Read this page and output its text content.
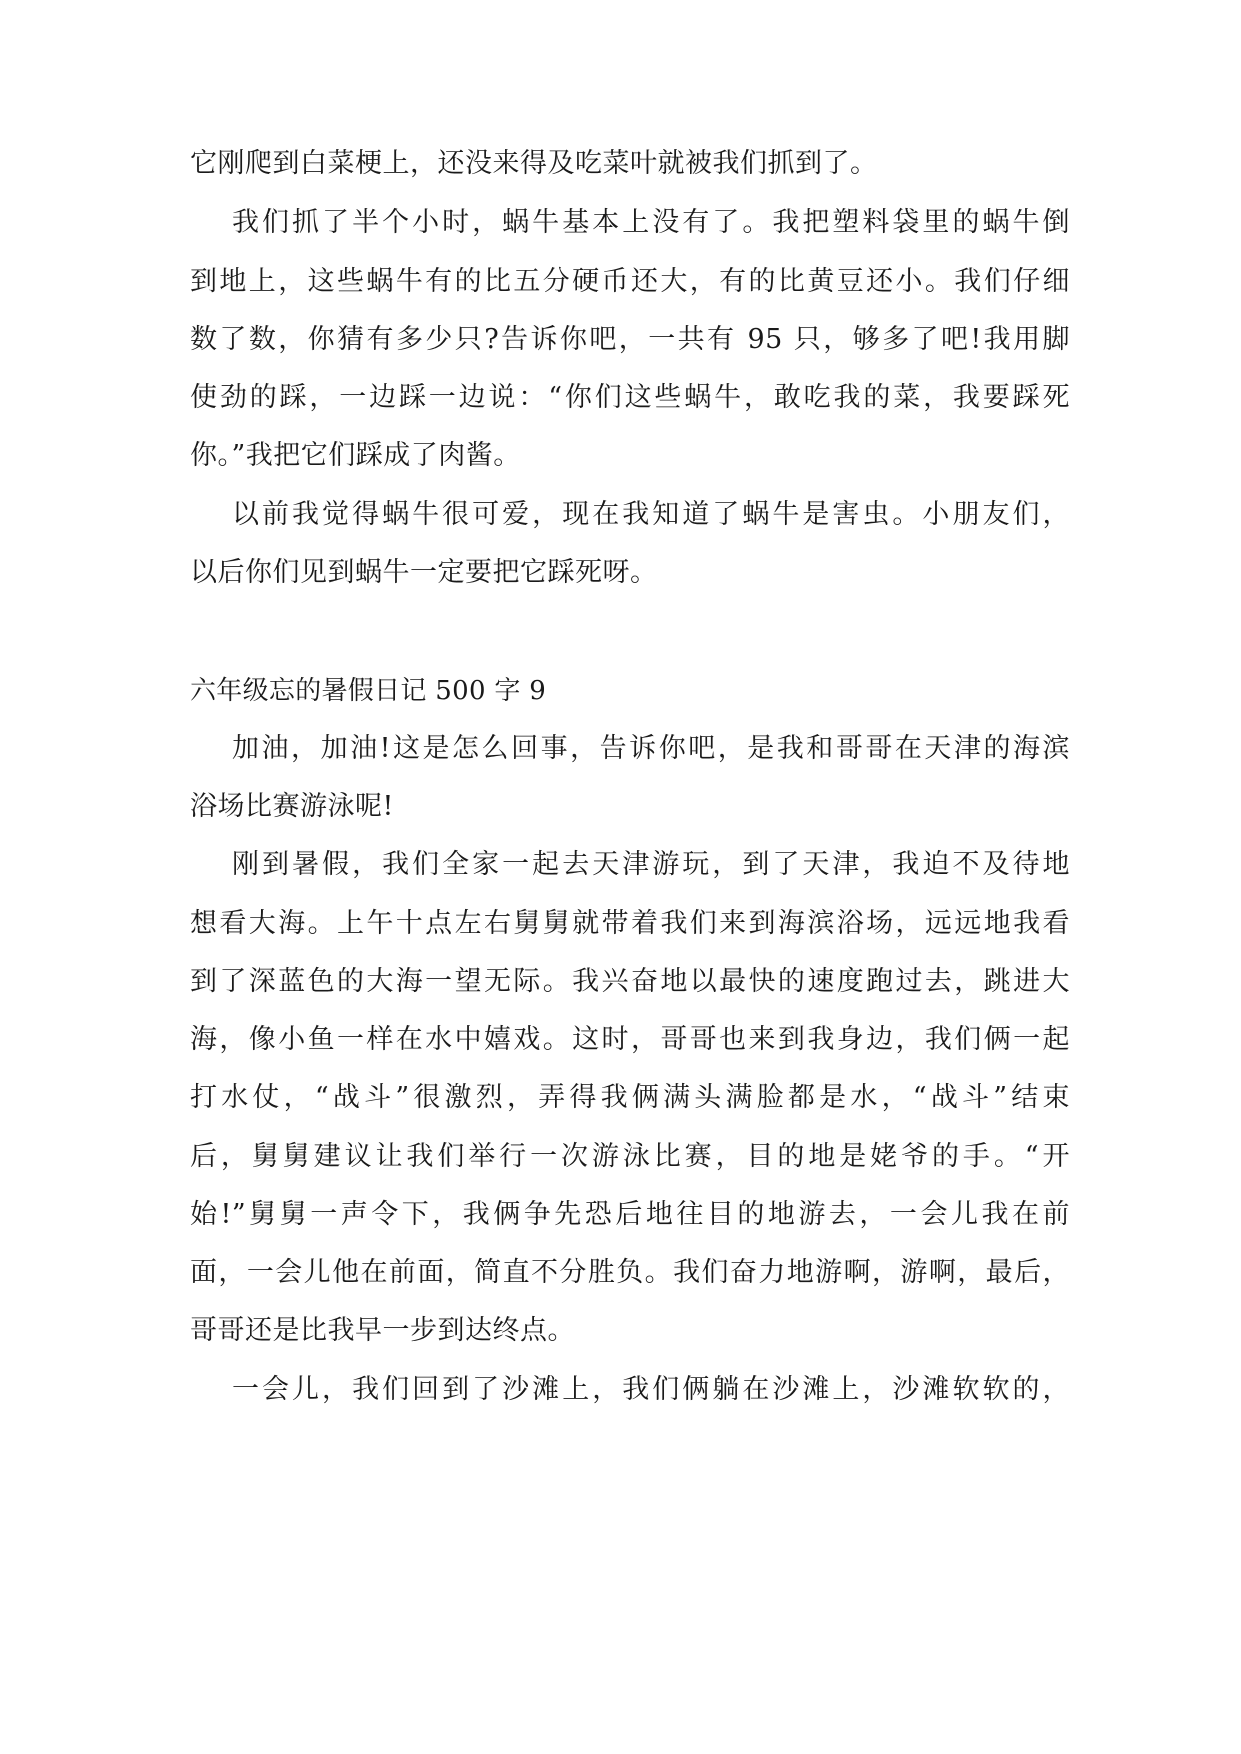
它刚爬到白菜梗上，还没来得及吃菜叶就被我们抓到了。
我们抓了半个小时，蜗牛基本上没有了。我把塑料袋里的蜗牛倒
到地上，这些蜗牛有的比五分硬币还大，有的比黄豆还小。我们仔细
数了数，你猜有多少只?告诉你吧，一共有 95 只，够多了吧!我用脚
使劲的踩，一边踩一边说：“你们这些蜗牛，敢吃我的菜，我要踩死
你。”我把它们踩成了肉酱。
以前我觉得蜗牛很可爱，现在我知道了蜗牛是害虫。小朋友们，
以后你们见到蜗牛一定要把它踩死呀。
六年级忘的暑假日记 500 字 9
加油，加油!这是怎么回事，告诉你吧，是我和哥哥在天津的海滨
浴场比赛游泳呢!
刚到暑假，我们全家一起去天津游玩，到了天津，我迫不及待地
想看大海。上午十点左右舅舅就带着我们来到海滨浴场，远远地我看
到了深蓝色的大海一望无际。我兴奋地以最快的速度跑过去，跳进大
海，像小鱼一样在水中嬉戏。这时，哥哥也来到我身边，我们俩一起
打水仗，“战斗”很激烈，弄得我俩满头满脸都是水，“战斗”结束
后，舅舅建议让我们举行一次游泳比赛，目的地是姥爷的手。“开
始!”舅舅一声令下，我俩争先恐后地往目的地游去，一会儿我在前
面，一会儿他在前面，简直不分胜负。我们奋力地游啊，游啊，最后，
哥哥还是比我早一步到达终点。
一会儿，我们回到了沙滩上，我们俩躺在沙滩上，沙滩软软的，
